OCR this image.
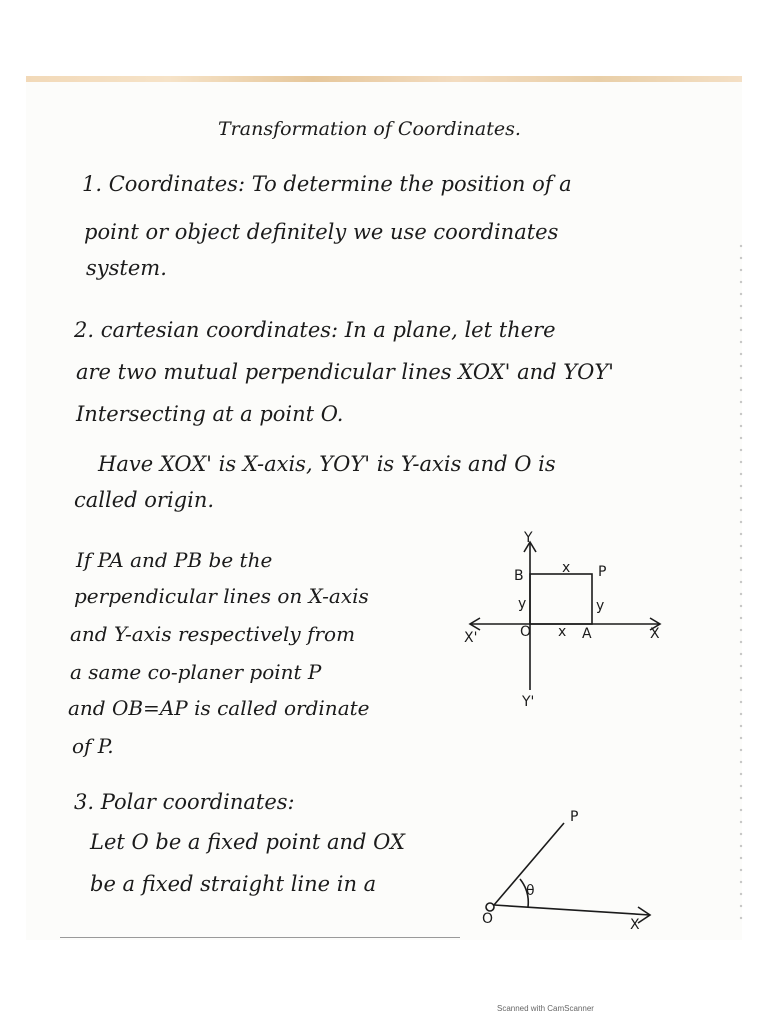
Transformation of Coordinates.
1. Coordinates: To determine the position of a
point or object definitely we use coordinates
system.
2. cartesian coordinates: In a plane, let there
are two mutual perpendicular lines XOX' and YOY'
Intersecting at a point O.
Have XOX' is X-axis, YOY' is Y-axis and O is
called origin.
If PA and PB be the
perpendicular lines on X-axis
and Y-axis respectively from
a same co-planer point P
and OB=AP is called ordinate
of P.
3. Polar coordinates:
Let O be a fixed point and OX
be a fixed straight line in a
Y
Y'
X
X'	O
B	P
A
x
x
y	y
O
P
θ
X
Scanned with CamScanner
